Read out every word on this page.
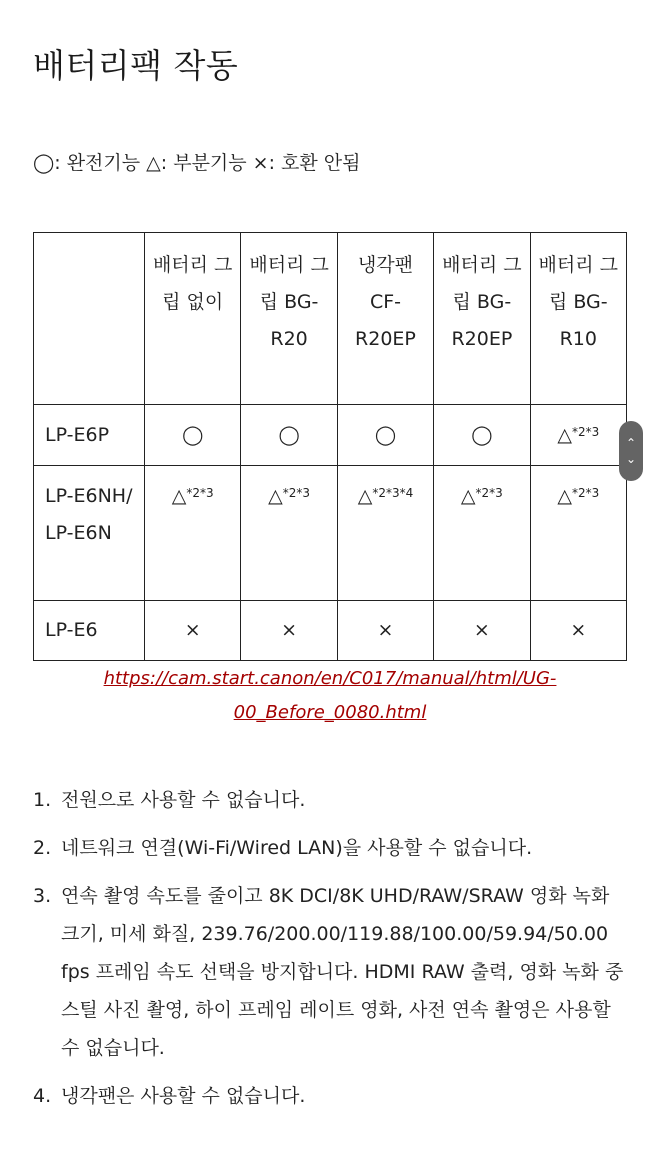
배터리팩 작동
◯: 완전기능 △: 부분기능 ×: 호환 안됨
	배터리 그립 없이	배터리 그립 BG-R20	냉각팬 CF-R20EP	배터리 그립 BG-R20EP	배터리 그립 BG-R10
LP-E6P	◯	◯	◯	◯	△$^{*2*3}$
LP-E6NH/ LP-E6N	△$^{*2*3}$	△$^{*2*3}$	△$^{*2*3*4}$	△$^{*2*3}$	△$^{*2*3}$
LP-E6	×	×	×	×	×
https://cam.start.canon/en/C017/manual/html/UG-00_Before_0080.html
1. 전원으로 사용할 수 없습니다.
2. 네트워크 연결(Wi-Fi/Wired LAN)을 사용할 수 없습니다.
3. 연속 촬영 속도를 줄이고 8K DCI/8K UHD/RAW/SRAW 영화 녹화 크기, 미세 화질, 239.76/200.00/119.88/100.00/59.94/50.00 fps 프레임 속도 선택을 방지합니다. HDMI RAW 출력, 영화 녹화 중 스틸 사진 촬영, 하이 프레임 레이트 영화, 사전 연속 촬영은 사용할 수 없습니다.
4. 냉각팬은 사용할 수 없습니다.
⌃
⌄
